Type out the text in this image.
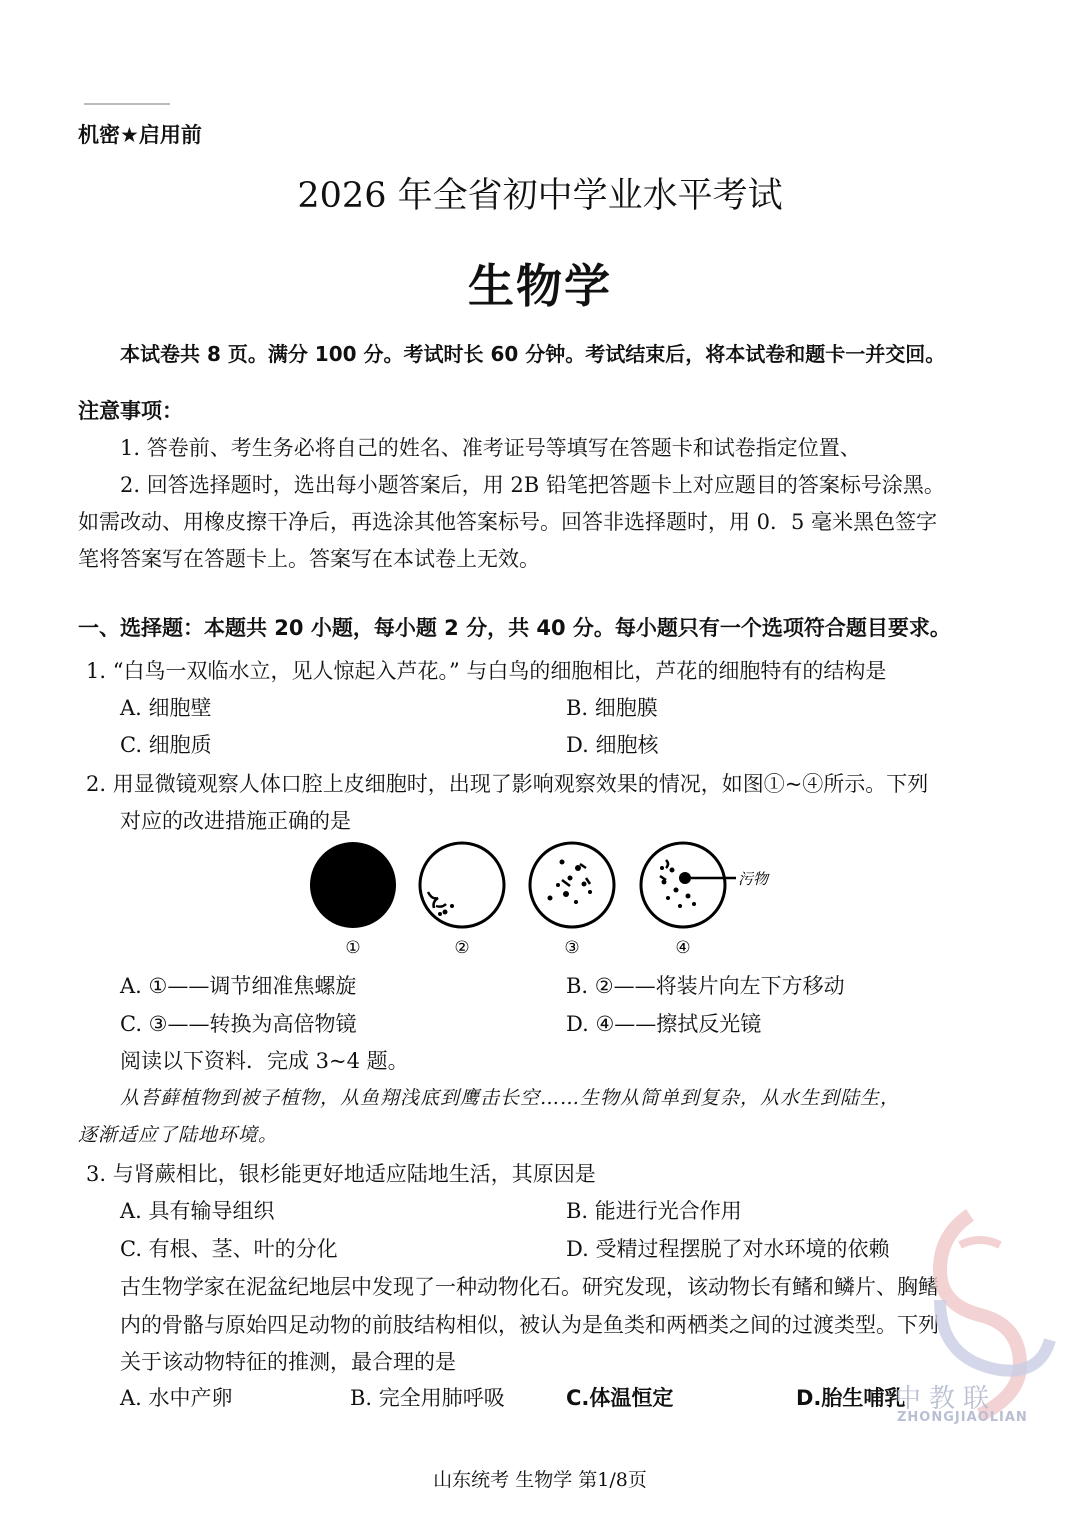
机密★启用前
2026 年全省初中学业水平考试
生物学
本试卷共 8 页。满分 100 分。考试时长 60 分钟。考试结束后，将本试卷和题卡一并交回。
注意事项：
1. 答卷前、考生务必将自己的姓名、准考证号等填写在答题卡和试卷指定位置、
2. 回答选择题时，选出每小题答案后，用 2B 铅笔把答题卡上对应题目的答案标号涂黑。
如需改动、用橡皮擦干净后，再选涂其他答案标号。回答非选择题时，用 0．5 毫米黑色签字
笔将答案写在答题卡上。答案写在本试卷上无效。
一、选择题：本题共 20 小题，每小题 2 分，共 40 分。每小题只有一个选项符合题目要求。
1. “白鸟一双临水立，见人惊起入芦花。” 与白鸟的细胞相比，芦花的细胞特有的结构是
A. 细胞壁	B. 细胞膜
C. 细胞质	D. 细胞核
2. 用显微镜观察人体口腔上皮细胞时，出现了影响观察效果的情况，如图①~④所示。下列
对应的改进措施正确的是
污物
①	②	③	④
A. ①——调节细准焦螺旋	B. ②——将装片向左下方移动
C. ③——转换为高倍物镜	D. ④——擦拭反光镜
阅读以下资料．完成 3~4 题。
从苔藓植物到被子植物，从鱼翔浅底到鹰击长空……生物从简单到复杂，从水生到陆生，
逐渐适应了陆地环境。
3. 与肾蕨相比，银杉能更好地适应陆地生活，其原因是
A. 具有输导组织	B. 能进行光合作用
C. 有根、茎、叶的分化	D. 受精过程摆脱了对水环境的依赖
古生物学家在泥盆纪地层中发现了一种动物化石。研究发现，该动物长有鳍和鳞片、胸鳍
内的骨骼与原始四足动物的前肢结构相似，被认为是鱼类和两栖类之间的过渡类型。下列
关于该动物特征的推测，最合理的是
A. 水中产卵	B. 完全用肺呼吸	C.体温恒定	D.胎生哺乳
中教联
ZHONGJIAOLIAN
山东统考 生物学 第1/8页
